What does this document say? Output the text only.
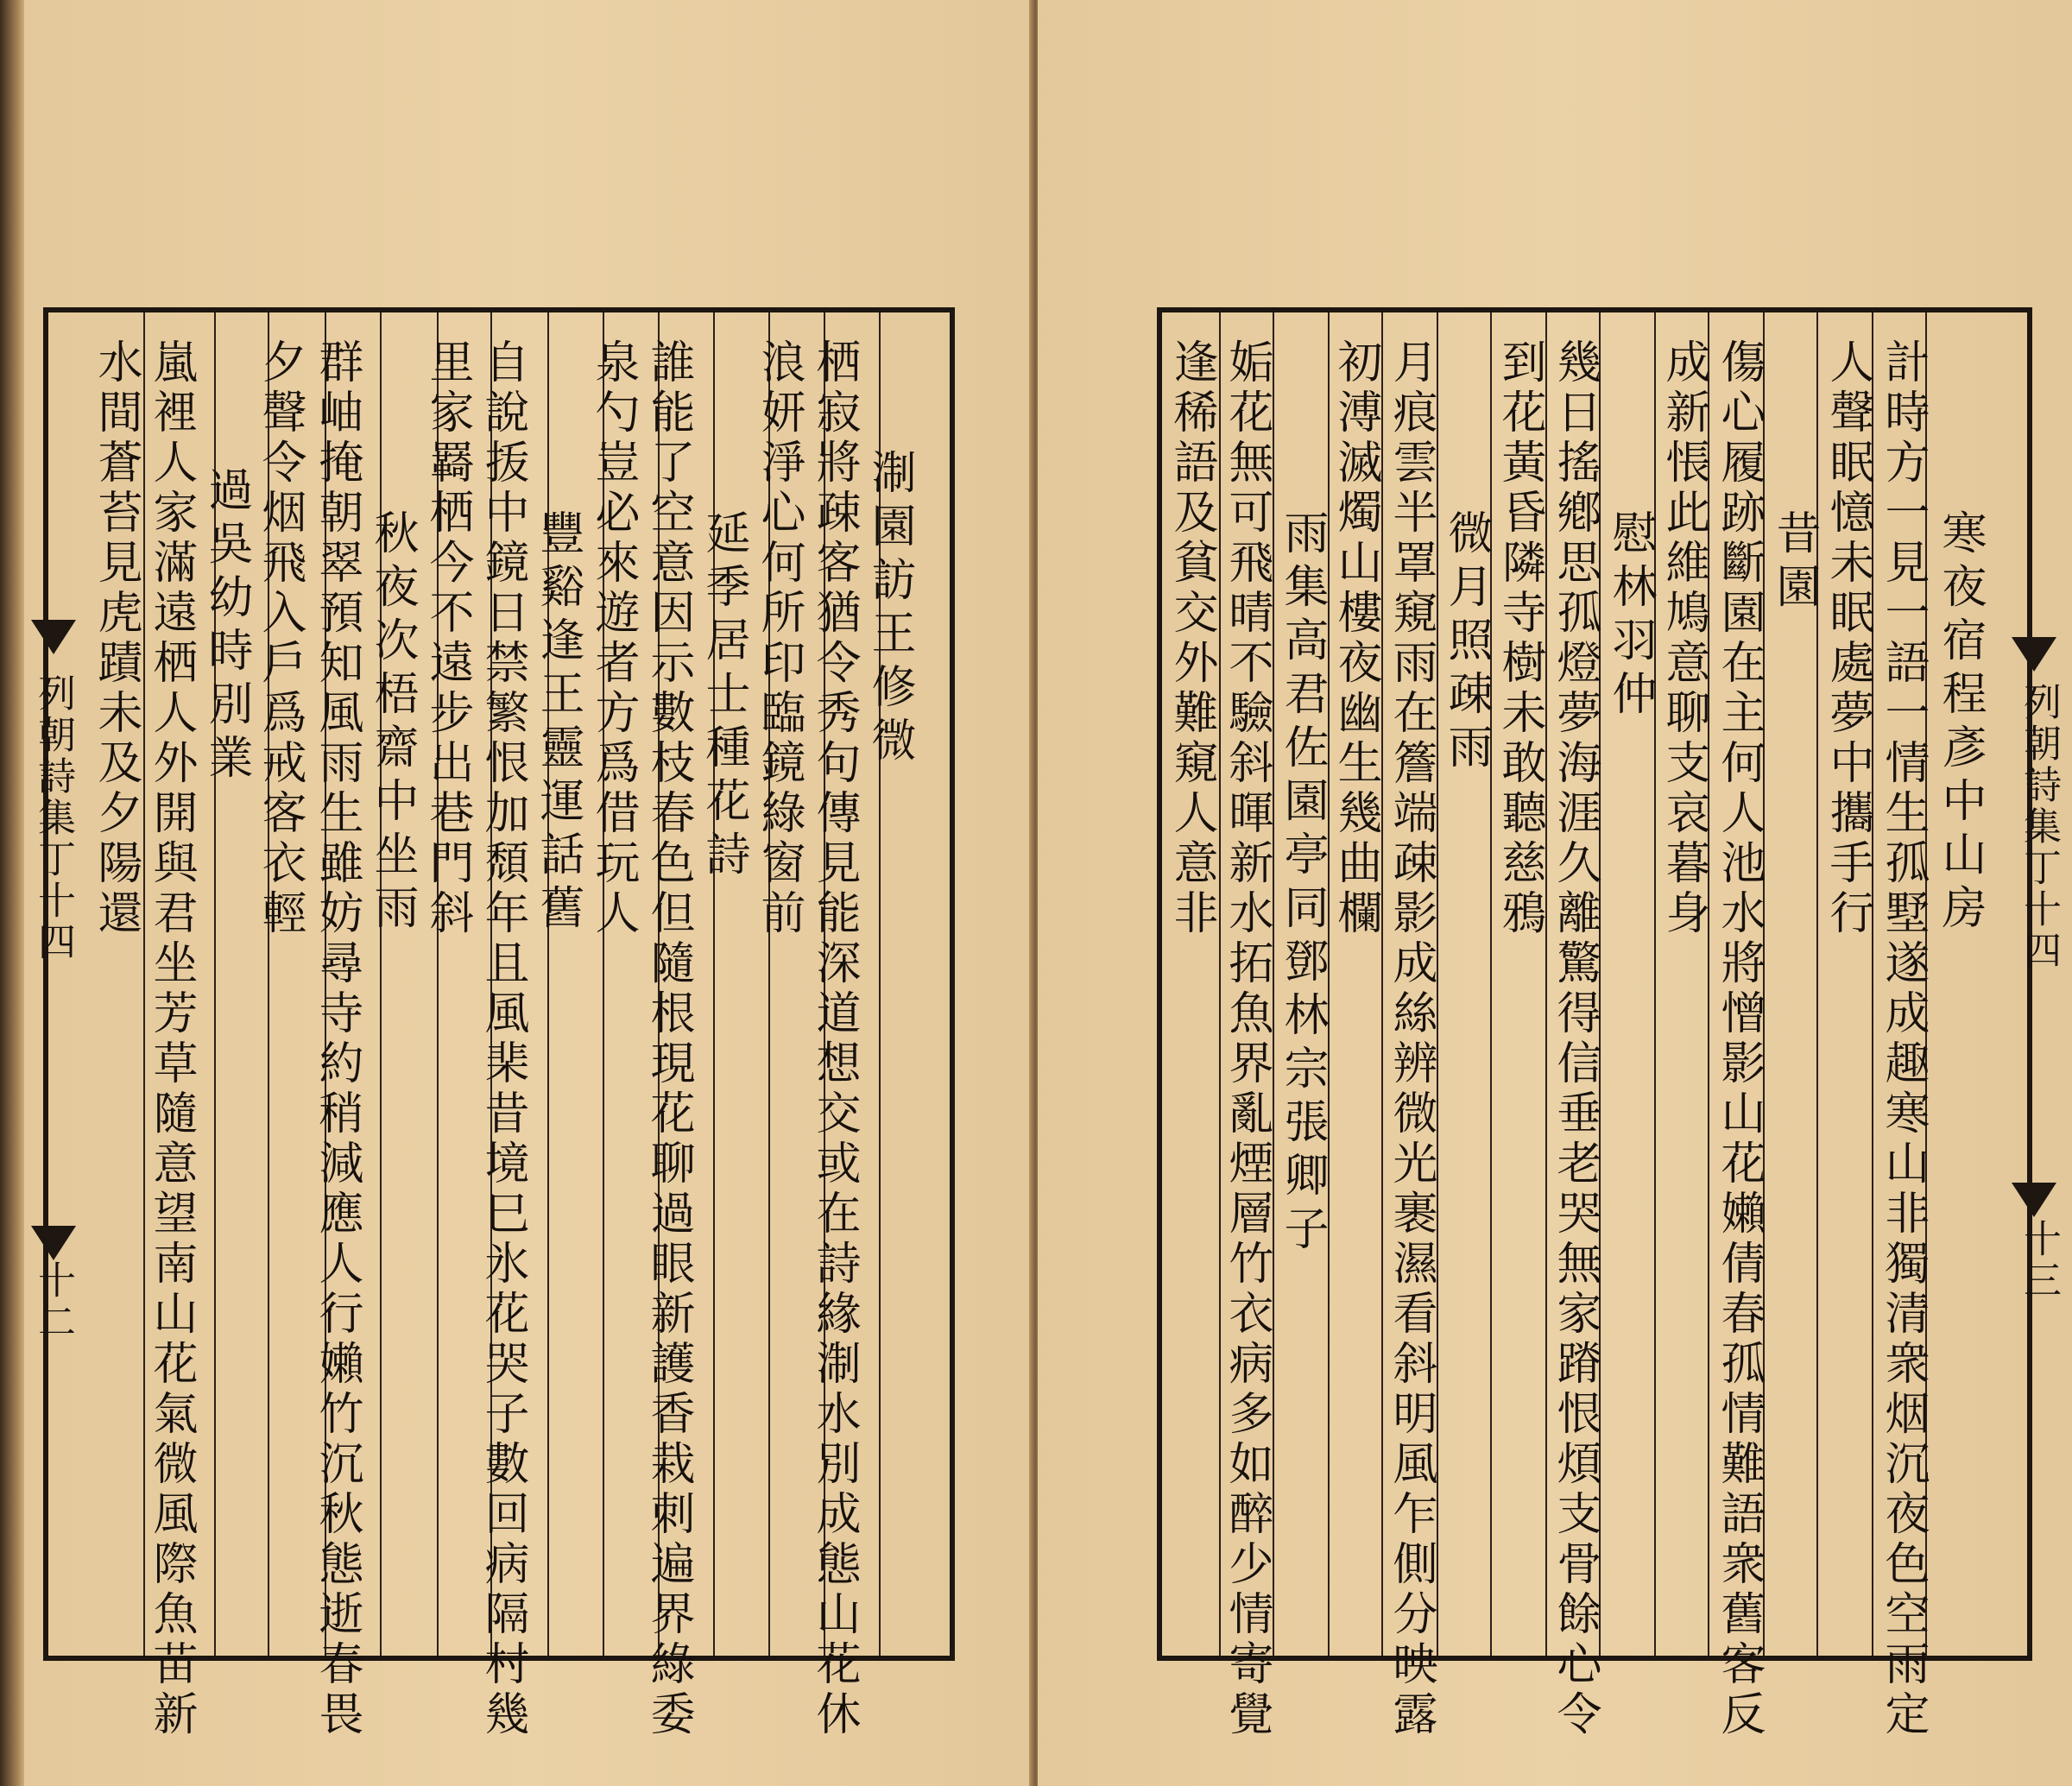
淛園訪王修微
栖寂將疎客猶令秀句傳見能深道想交或在詩緣淛水別成態山花休
浪妍淨心何所印臨鏡綠窗前
延季居士種花詩
誰能了空意因示數枝春色但隨根現花聊過眼新護香栽刺遍界綠委
泉勺豈必來遊者方爲借玩人
豐谿逢王靈運話舊
自說㧞中鏡日禁繁恨加頹年且風棐昔境巳氷花哭子數回病隔村幾
里家羇栖今不遠步出巷門斜
秋夜次梧齋中坐雨
群岫掩朝翠預知風雨生雖妨尋寺約稍減應人行嬾竹沉秋態逝春畏
夕聲令烟飛入戶爲戒客衣輕
過吳幼時別業
嵐裡人家滿遠栖人外開與君坐芳草隨意望南山花氣微風際魚苗新
水間蒼苔見虎蹟未及夕陽還
列朝詩集丁十四
十二
寒夜宿程彥中山房
計時方一見一語一情生孤墅遂成趣寒山非獨清衆烟沉夜色空雨定
人聲眠憶未眠處夢中攜手行
昔園
傷心履跡斷園在主何人池水將憎影山花嬾倩春孤情難語衆舊客反
成新悵此維鳩意聊支哀暮身
慰林羽仲
幾日搖鄕思孤燈夢海涯久離驚得信垂老哭無家蹐恨煩支骨餘心令
到花黃昏隣寺樹未敢聽慈鴉
微月照疎雨
月痕雲半罩窺雨在簷端疎影成絲辨微光裹濕看斜明風乍側分映露
初溥滅燭山樓夜幽生幾曲欄
雨集高君佐園亭同鄧林宗張卿子
姤花無可飛晴不驗斜暉新水拓魚界亂煙層竹衣病多如醉少情寄覺
逢稀語及貧交外難窺人意非	列朝詩集丁十四
十三
